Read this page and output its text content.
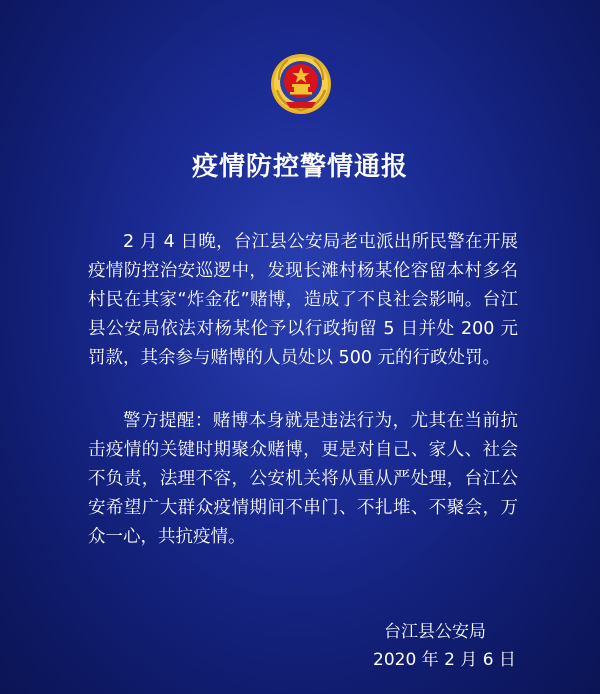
疫情防控警情通报

2 月 4 日晚，台江县公安局老屯派出所民警在开展疫情防控治安巡逻中，发现长滩村杨某伦容留本村多名村民在其家“炸金花”赌博，造成了不良社会影响。台江县公安局依法对杨某伦予以行政拘留 5 日并处 200 元罚款，其余参与赌博的人员处以 500 元的行政处罚。

警方提醒：赌博本身就是违法行为，尤其在当前抗击疫情的关键时期聚众赌博，更是对自己、家人、社会不负责，法理不容，公安机关将从重从严处理，台江公安希望广大群众疫情期间不串门、不扎堆、不聚会，万众一心，共抗疫情。

台江县公安局
2020 年 2 月 6 日
